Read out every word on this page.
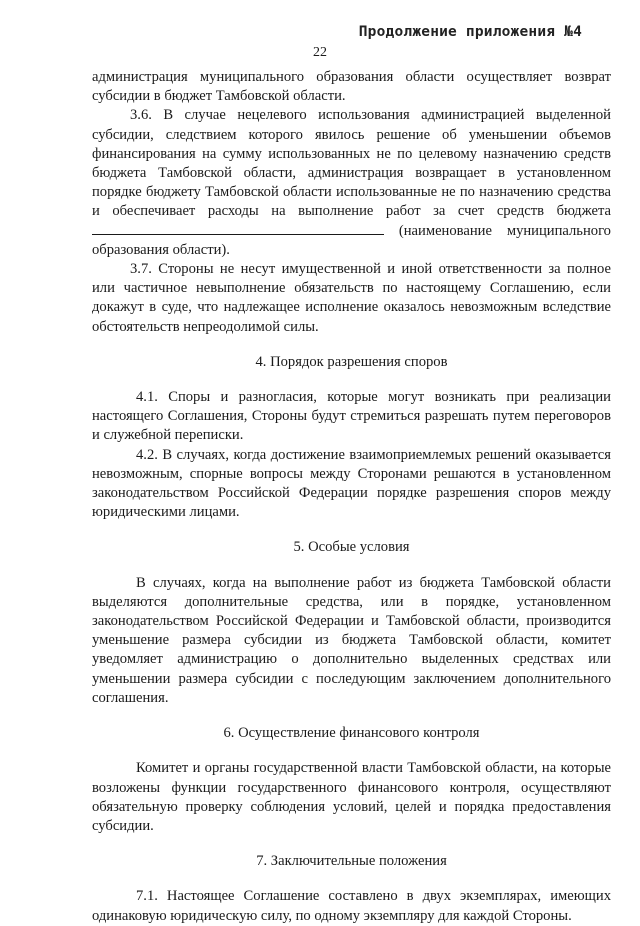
Продолжение приложения №4
22

администрация муниципального образования области осуществляет возврат субсидии в бюджет Тамбовской области.

3.6. В случае нецелевого использования администрацией выделенной субсидии, следствием которого явилось решение об уменьшении объемов финансирования на сумму использованных не по целевому назначению средств бюджета Тамбовской области, администрация возвращает в установленном порядке бюджету Тамбовской области использованные не по назначению средства и обеспечивает расходы на выполнение работ за счет средств бюджета (наименование муниципального образования области).

3.7. Стороны не несут имущественной и иной ответственности за полное или частичное невыполнение обязательств по настоящему Соглашению, если докажут в суде, что надлежащее исполнение оказалось невозможным вследствие обстоятельств непреодолимой силы.

4. Порядок разрешения споров

4.1. Споры и разногласия, которые могут возникать при реализации настоящего Соглашения, Стороны будут стремиться разрешать путем переговоров и служебной переписки.

4.2. В случаях, когда достижение взаимоприемлемых решений оказывается невозможным, спорные вопросы между Сторонами решаются в установленном законодательством Российской Федерации порядке разрешения споров между юридическими лицами.

5. Особые условия

В случаях, когда на выполнение работ из бюджета Тамбовской области выделяются дополнительные средства, или в порядке, установленном законодательством Российской Федерации и Тамбовской области, производится уменьшение размера субсидии из бюджета Тамбовской области, комитет уведомляет администрацию о дополнительно выделенных средствах или уменьшении размера субсидии с последующим заключением дополнительного соглашения.

6. Осуществление финансового контроля

Комитет и органы государственной власти Тамбовской области, на которые возложены функции государственного финансового контроля, осуществляют обязательную проверку соблюдения условий, целей и порядка предоставления субсидии.

7. Заключительные положения

7.1. Настоящее Соглашение составлено в двух экземплярах, имеющих одинаковую юридическую силу, по одному экземпляру для каждой Стороны.
